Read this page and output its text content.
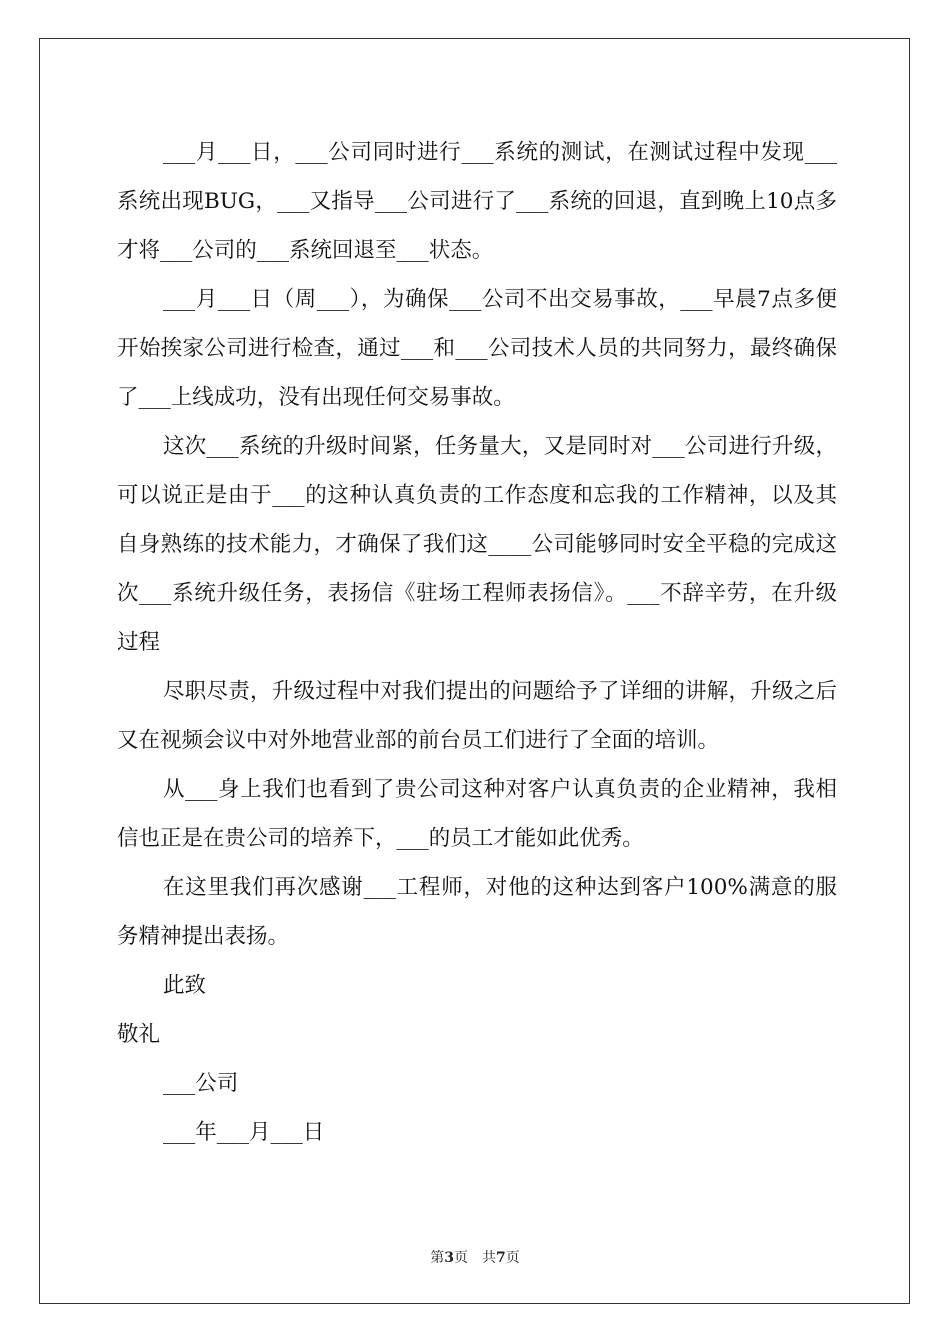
___月___日，___公司同时进行___系统的测试，在测试过程中发现___系统出现BUG，___又指导___公司进行了___系统的回退，直到晚上10点多才将___公司的___系统回退至___状态。

___月___日（周___），为确保___公司不出交易事故，___早晨7点多便开始挨家公司进行检查，通过___和___公司技术人员的共同努力，最终确保了___上线成功，没有出现任何交易事故。

这次___系统的升级时间紧，任务量大，又是同时对___公司进行升级，可以说正是由于___的这种认真负责的工作态度和忘我的工作精神，以及其自身熟练的技术能力，才确保了我们这____公司能够同时安全平稳的完成这次___系统升级任务，表扬信《驻场工程师表扬信》。___不辞辛劳，在升级过程

尽职尽责，升级过程中对我们提出的问题给予了详细的讲解，升级之后又在视频会议中对外地营业部的前台员工们进行了全面的培训。

从___身上我们也看到了贵公司这种对客户认真负责的企业精神，我相信也正是在贵公司的培养下，___的员工才能如此优秀。

在这里我们再次感谢___工程师，对他的这种达到客户100%满意的服务精神提出表扬。

此致

敬礼

___公司

___年___月___日

第3页　共7页
